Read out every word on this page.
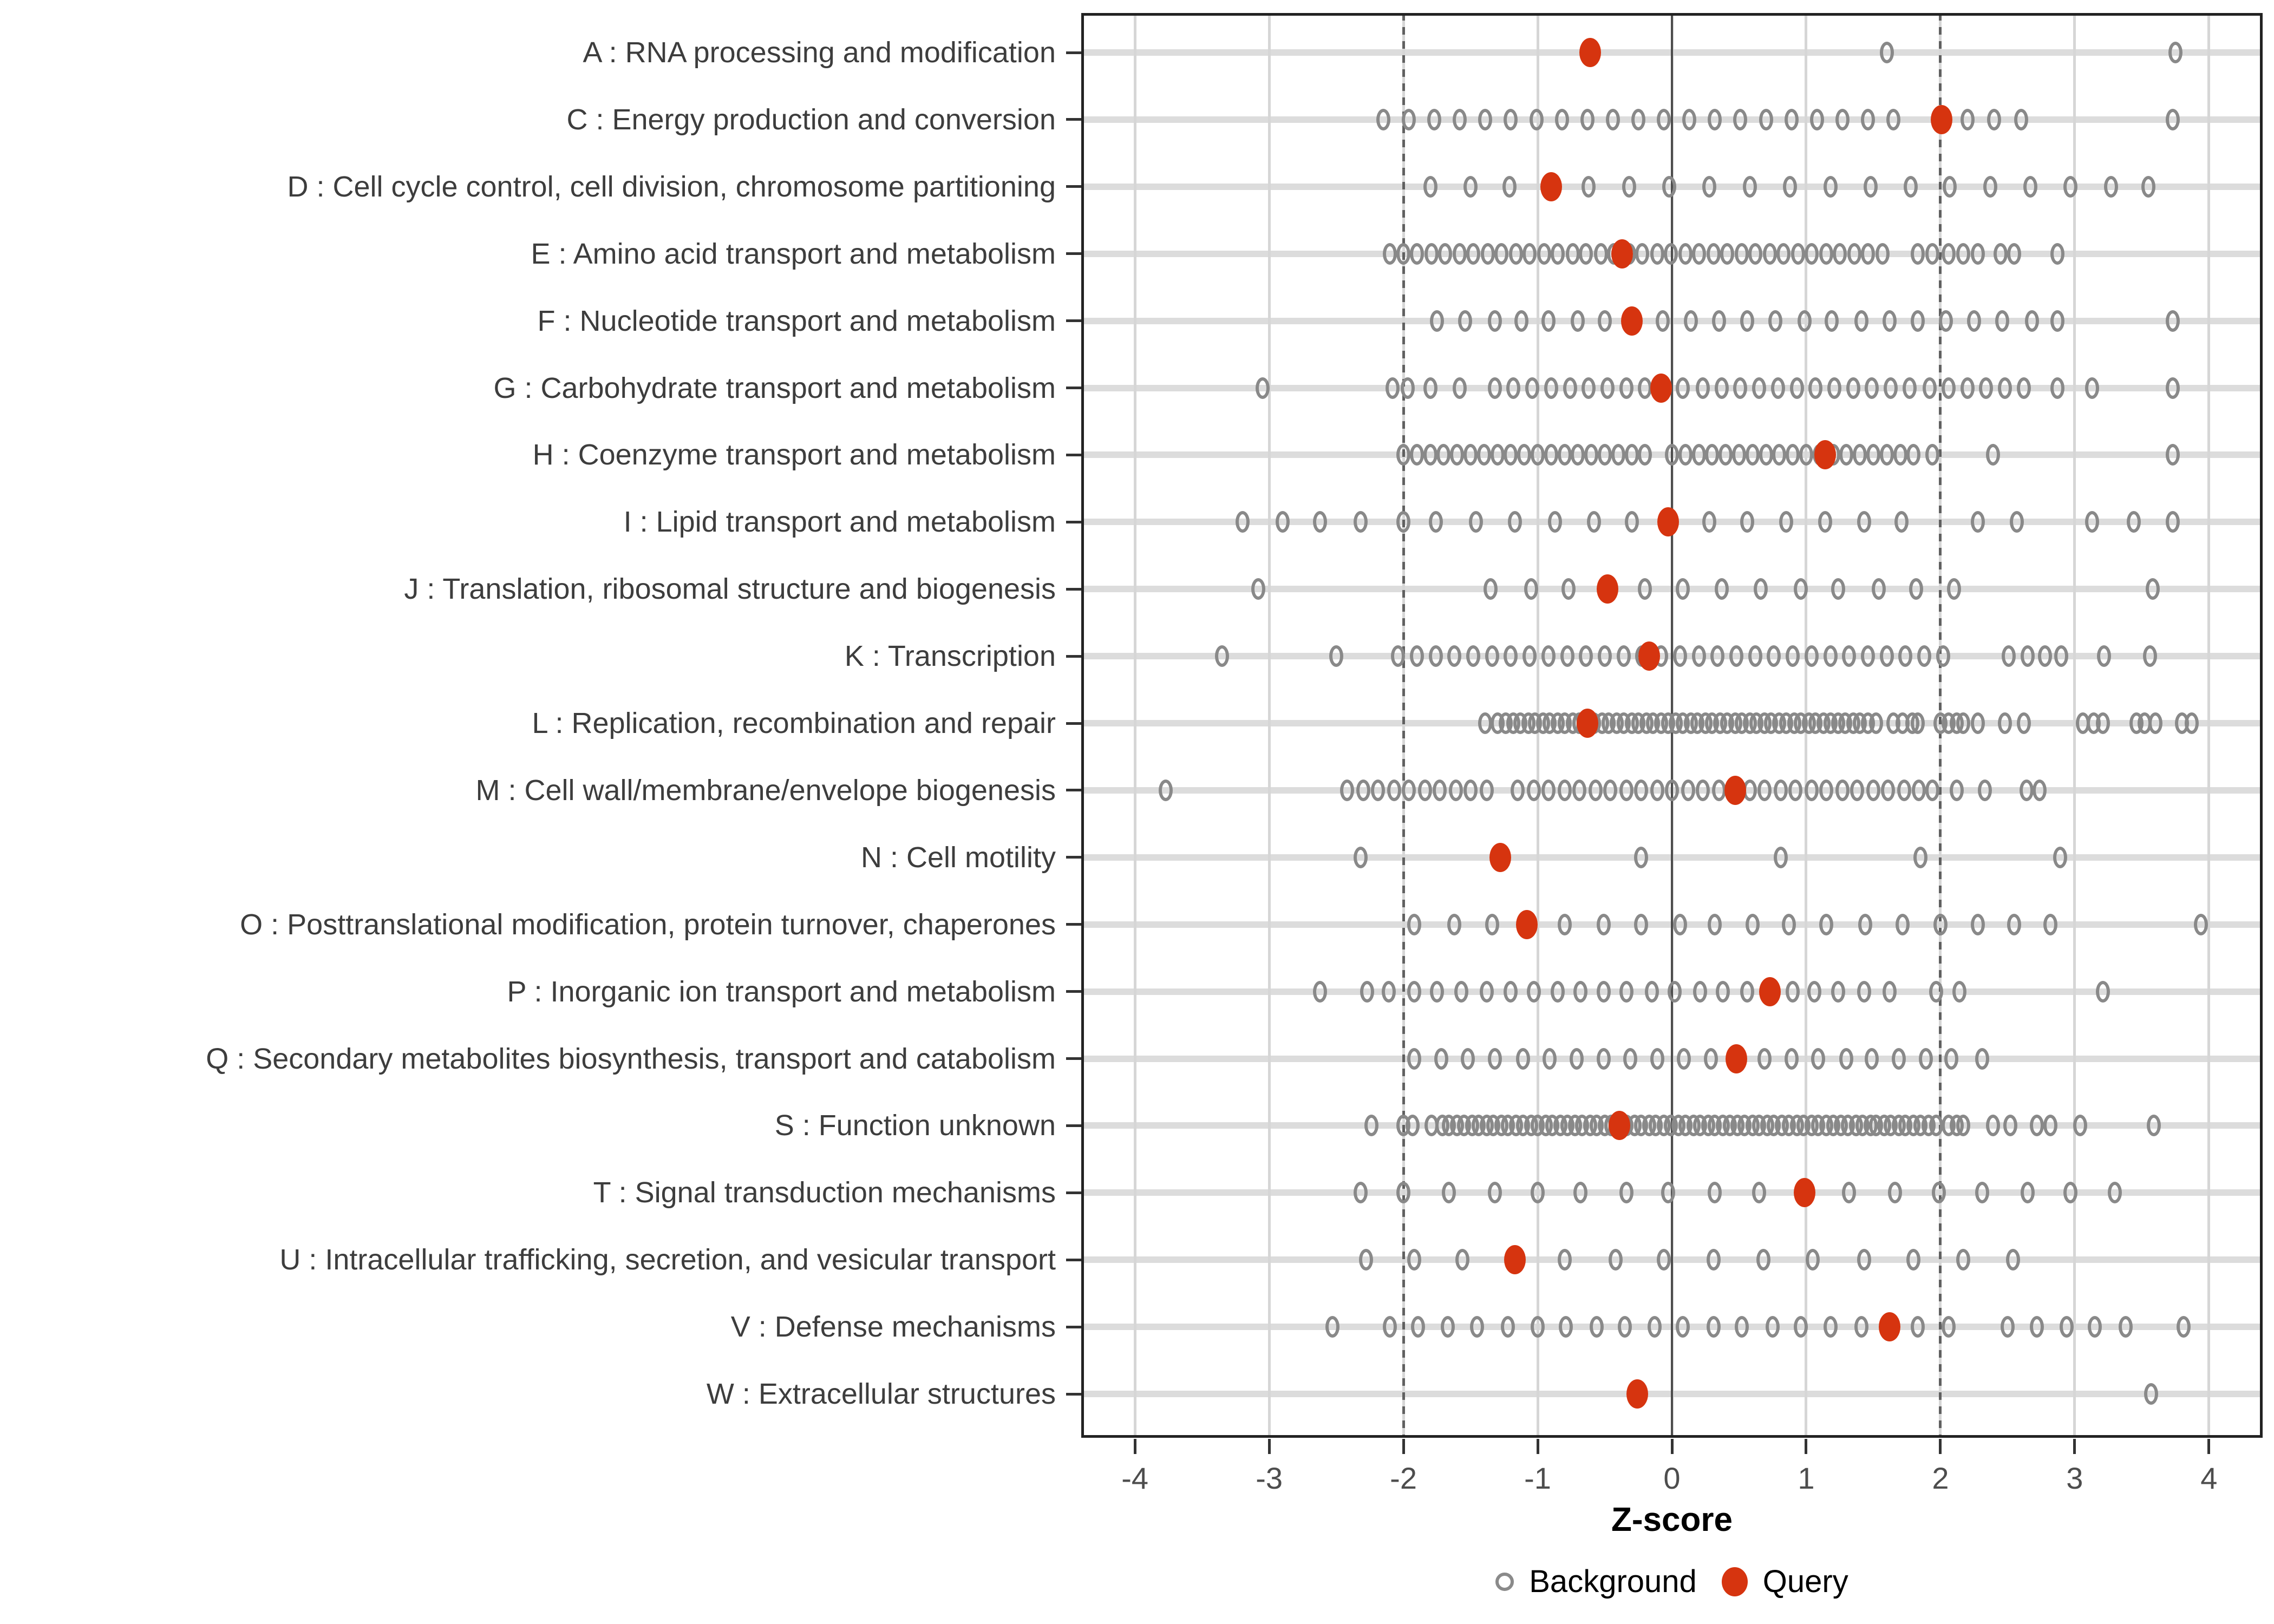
A : RNA processing and modification
C : Energy production and conversion
D : Cell cycle control, cell division, chromosome partitioning
E : Amino acid transport and metabolism
F : Nucleotide transport and metabolism
G : Carbohydrate transport and metabolism
H : Coenzyme transport and metabolism
I : Lipid transport and metabolism
J : Translation, ribosomal structure and biogenesis
K : Transcription
L : Replication, recombination and repair
M : Cell wall/membrane/envelope biogenesis
N : Cell motility
O : Posttranslational modification, protein turnover, chaperones
P : Inorganic ion transport and metabolism
Q : Secondary metabolites biosynthesis, transport and catabolism
S : Function unknown
T : Signal transduction mechanisms
U : Intracellular trafficking, secretion, and vesicular transport
V : Defense mechanisms
W : Extracellular structures
-4	-3	-2	-1	0	1	2	3	4
Z-score
Background Query
